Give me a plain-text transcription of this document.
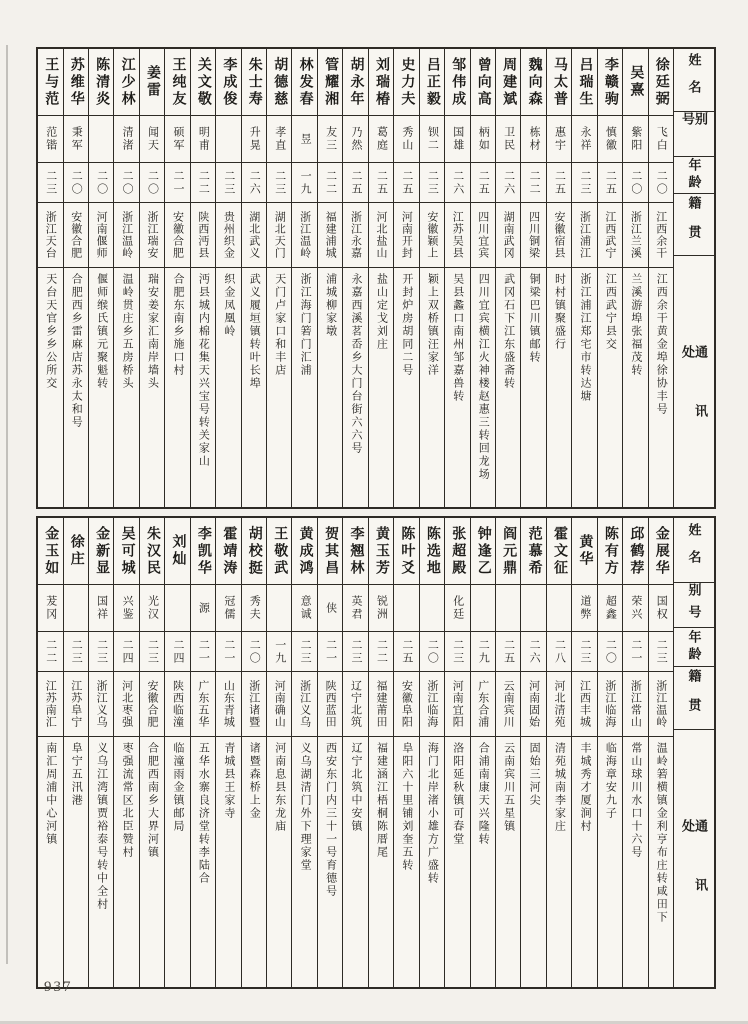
姓名
别号
年龄
籍贯
通讯处
徐廷弼
飞白
二〇
江西余干
江西余干黄金埠徐协丰号
吴熹
紫阳
二〇
浙江兰溪
兰溪游埠张福茂转
李赣驹
慎徽
二五
江西武宁
江西武宁县交
吕瑞生
永祥
二三
浙江浦江
浙江浦江郑宅市转达塘
马太普
惠宇
二五
安徽宿县
时村镇聚盛行
魏向森
栋材
二二
四川铜梁
铜梁巴川镇邮转
周建斌
卫民
二六
湖南武冈
武冈石下江东盛斋转
曾向高
柄如
二五
四川宜宾
四川宜宾横江火神楼赵惠三转回龙场
邹伟成
国雄
二六
江苏吴县
吴县蠡口南州邹嘉兽转
吕正毅
钡二
二三
安徽颖上
颖上双桥镇汪家洋
史力夫
秀山
二五
河南开封
开封炉房胡同二号
刘瑞椿
葛庭
二五
河北盐山
盐山定戈刘庄
胡永年
乃然
二五
浙江永嘉
永嘉西溪茗岙乡大门台街六六号
管耀湘
友三
二二
福建浦城
浦城柳家墩
林发春
昱
一九
浙江温岭
浙江海门箬门汇浦
胡德慈
孝直
二三
湖北天门
天门卢家口和丰店
朱士寿
升晃
二六
湖北武义
武义履垣镇转叶长埠
李成俊
二三
贵州织金
织金凤凰岭
关文敬
明甫
二二
陕西沔县
沔县城内棉花集天兴宝号转关家山
王纯友
硕军
二一
安徽合肥
合肥东南乡施口村
姜雷
闻天
二〇
浙江瑞安
瑞安姜家汇南岸墙头
江少林
清渚
二〇
浙江温岭
温岭贯庄乡五房桥头
陈清炎
二〇
河南偃师
偃师缑氏镇元聚魁转
苏维华
秉军
二〇
安徽合肥
合肥西乡雷麻店苏永太和号
王与范
范锴
二三
浙江天台
天台天官乡乡公所交
姓名
别号
年龄
籍贯
通讯处
金展华
国权
二三
浙江温岭
温岭箬横镇金利亨布庄转咸田下
邱鹤荐
荣兴
二一
浙江常山
常山球川水口十六号
陈有方
超鑫
二〇
浙江临海
临海章安九子
黄华
道弊
二三
江西丰城
丰城秀才厦涧村
霍文征
二八
河北清苑
清苑城南李家庄
范慕希
二六
河南固始
固始三河尖
阎元鼎
二五
云南宾川
云南宾川五星镇
钟逢乙
二九
广东合浦
合浦南康天兴隆转
张超殿
化廷
二三
河南宜阳
洛阳延秋镇可春堂
陈选地
二〇
浙江临海
海门北岸渚小雄方广盛转
陈叶爻
二五
安徽阜阳
阜阳六十里铺刘奎五转
黄玉芳
锐洲
二二
福建莆田
福建涵江梧桐陈厝尾
李翘林
英君
二三
辽宁北筑
辽宁北筑中安镇
贺其昌
侠
二一
陕西蓝田
西安东门内三十一号育德号
黄成鸿
意诚
二三
浙江义乌
义乌湖清门外下理家堂
王敬武
一九
河南确山
河南息县东龙庙
胡校挺
秀夫
二〇
浙江诸暨
诸暨森桥上金
霍靖涛
冠儒
二一
山东青城
青城县王家寺
李凯华
源
二一
广东五华
五华水寨良济堂转李陆合
刘灿
二四
陕西临潼
临潼雨金镇邮局
朱汉民
光汉
二三
安徽合肥
合肥西南乡大界河镇
吴可城
兴鉴
二四
河北枣强
枣强流常区北臣赞村
金新显
国祥
二三
浙江义乌
义乌江湾镇贾裕泰号转中全村
徐庄
二三
江苏阜宁
阜宁五汛港
金玉如
茇冈
二二
江苏南汇
南汇周浦中心河镇
937
